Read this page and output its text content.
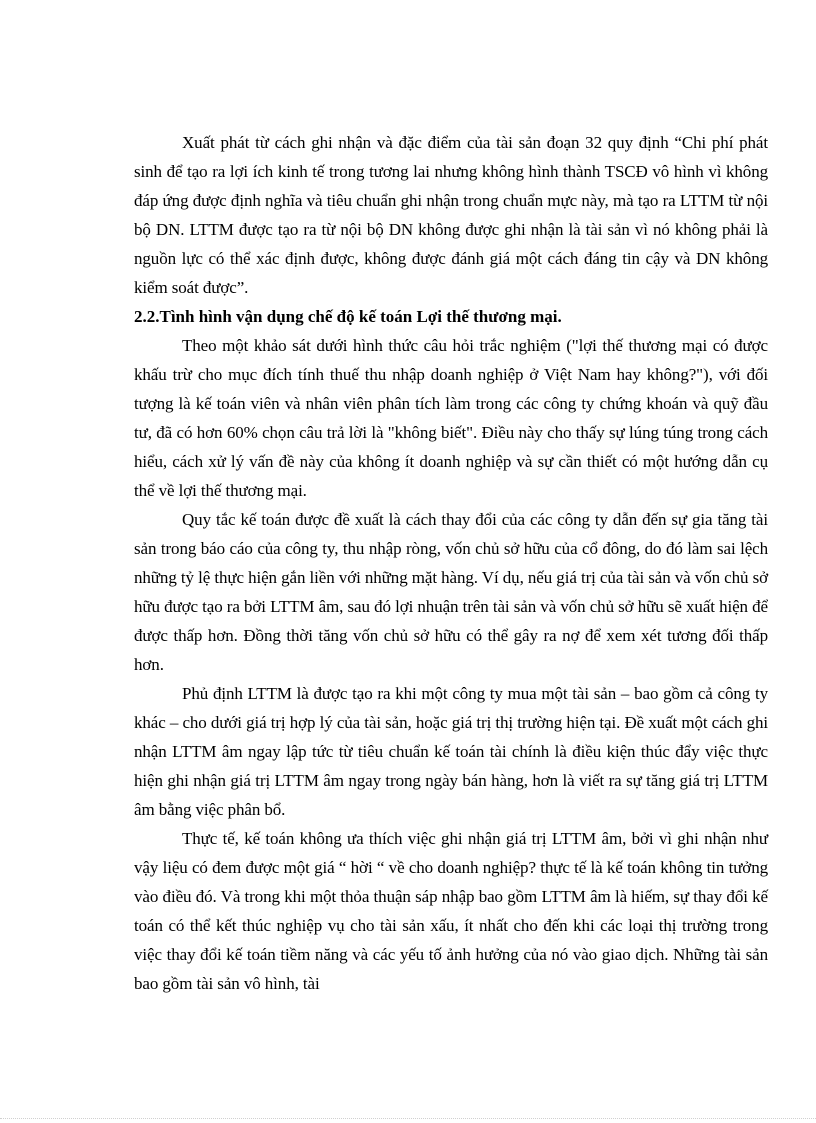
Xuất phát từ cách ghi nhận và đặc điểm của tài sản đoạn 32 quy định “Chi phí phát sinh để tạo ra lợi ích kinh tế trong tương lai nhưng không hình thành TSCĐ vô hình vì không đáp ứng được định nghĩa và tiêu chuẩn ghi nhận trong chuẩn mực này, mà tạo ra LTTM từ nội bộ DN. LTTM được tạo ra từ nội bộ DN không được ghi nhận là tài sản vì nó không phải là nguồn lực có thể xác định được, không được đánh giá một cách đáng tin cậy và DN không kiểm soát được”.

2.2.Tình hình vận dụng chế độ kế toán Lợi thế thương mại.

Theo một khảo sát dưới hình thức câu hỏi trắc nghiệm ("lợi thế thương mại có được khấu trừ cho mục đích tính thuế thu nhập doanh nghiệp ở Việt Nam hay không?"), với đối tượng là kế toán viên và nhân viên phân tích làm trong các công ty chứng khoán và quỹ đầu tư, đã có hơn 60% chọn câu trả lời là "không biết". Điều này cho thấy sự lúng túng trong cách hiểu, cách xử lý vấn đề này của không ít doanh nghiệp và sự cần thiết có một hướng dẫn cụ thể về lợi thế thương mại.

Quy tắc kế toán được đề xuất là cách thay đổi của các công ty dẫn đến sự gia tăng tài sản trong báo cáo của công ty, thu nhập ròng, vốn chủ sở hữu của cổ đông, do đó làm sai lệch những tỷ lệ thực hiện gắn liền với những mặt hàng. Ví dụ, nếu giá trị của tài sản và vốn chủ sở hữu được tạo ra bởi LTTM âm, sau đó lợi nhuận trên tài sản và vốn chủ sở hữu sẽ xuất hiện để được thấp hơn. Đồng thời tăng vốn chủ sở hữu có thể gây ra nợ để xem xét tương đối thấp hơn.

Phủ định LTTM là được tạo ra khi một công ty mua một tài sản – bao gồm cả công ty khác – cho dưới giá trị hợp lý của tài sản, hoặc giá trị thị trường hiện tại. Đề xuất một cách ghi nhận LTTM âm ngay lập tức từ tiêu chuẩn kế toán tài chính là điều kiện thúc đẩy việc thực hiện ghi nhận giá trị LTTM âm ngay trong ngày bán hàng, hơn là viết ra sự tăng giá trị LTTM âm bằng việc phân bổ.

Thực tế, kế toán không ưa thích việc ghi nhận giá trị LTTM âm, bởi vì ghi nhận như vậy liệu có đem được một giá “ hời “ về cho doanh nghiệp? thực tế là kế toán không tin tưởng vào điều đó. Và trong khi một thỏa thuận sáp nhập bao gồm LTTM âm là hiếm, sự thay đổi kế toán có thể kết thúc nghiệp vụ cho tài sản xấu, ít nhất cho đến khi các loại thị trường trong việc thay đổi kế toán tiềm năng và các yếu tố ảnh hưởng của nó vào giao dịch. Những tài sản bao gồm tài sản vô hình, tài
